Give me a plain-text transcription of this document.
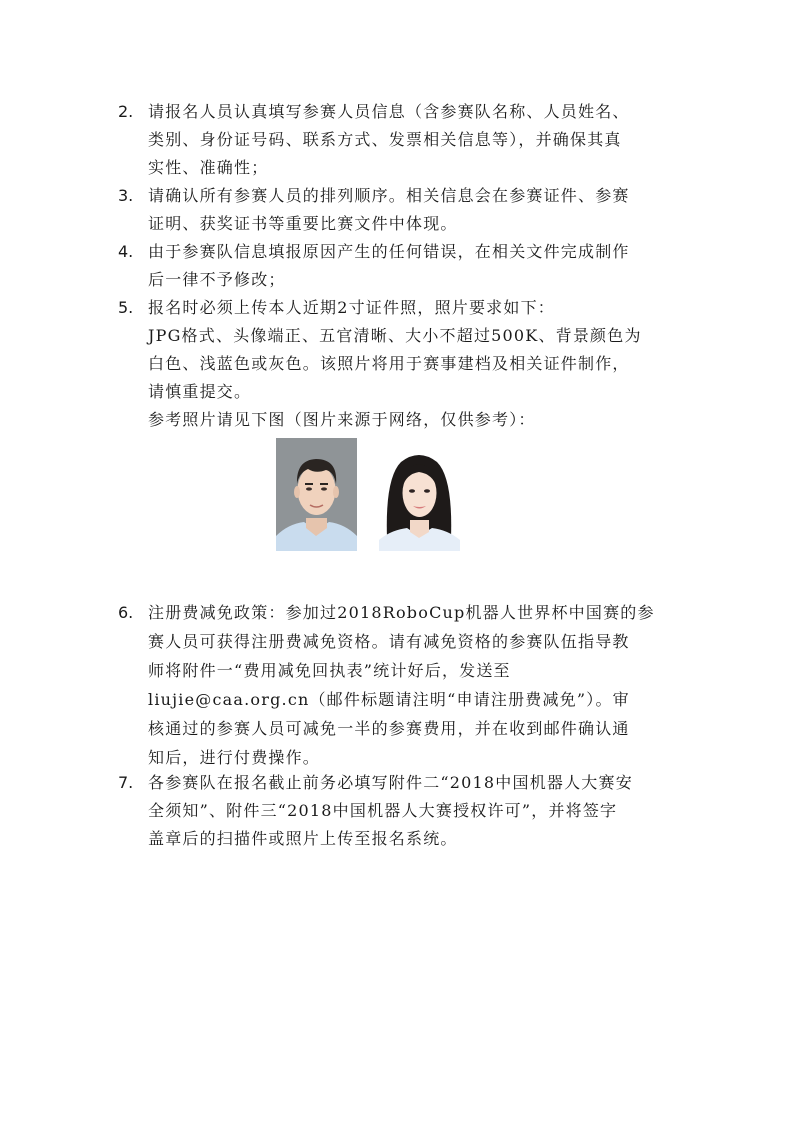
2. 请报名人员认真填写参赛人员信息（含参赛队名称、人员姓名、
类别、身份证号码、联系方式、发票相关信息等），并确保其真
实性、准确性；
3. 请确认所有参赛人员的排列顺序。相关信息会在参赛证件、参赛
证明、获奖证书等重要比赛文件中体现。
4. 由于参赛队信息填报原因产生的任何错误，在相关文件完成制作
后一律不予修改；
5. 报名时必须上传本人近期2寸证件照，照片要求如下：
JPG格式、头像端正、五官清晰、大小不超过500K、背景颜色为
白色、浅蓝色或灰色。该照片将用于赛事建档及相关证件制作，
请慎重提交。
参考照片请见下图（图片来源于网络，仅供参考）：
6. 注册费减免政策：参加过2018RoboCup机器人世界杯中国赛的参
赛人员可获得注册费减免资格。请有减免资格的参赛队伍指导教
师将附件一“费用减免回执表”统计好后，发送至
liujie@caa.org.cn（邮件标题请注明“申请注册费减免”）。审
核通过的参赛人员可减免一半的参赛费用，并在收到邮件确认通
知后，进行付费操作。
7. 各参赛队在报名截止前务必填写附件二“2018中国机器人大赛安
全须知”、附件三“2018中国机器人大赛授权许可”，并将签字
盖章后的扫描件或照片上传至报名系统。
